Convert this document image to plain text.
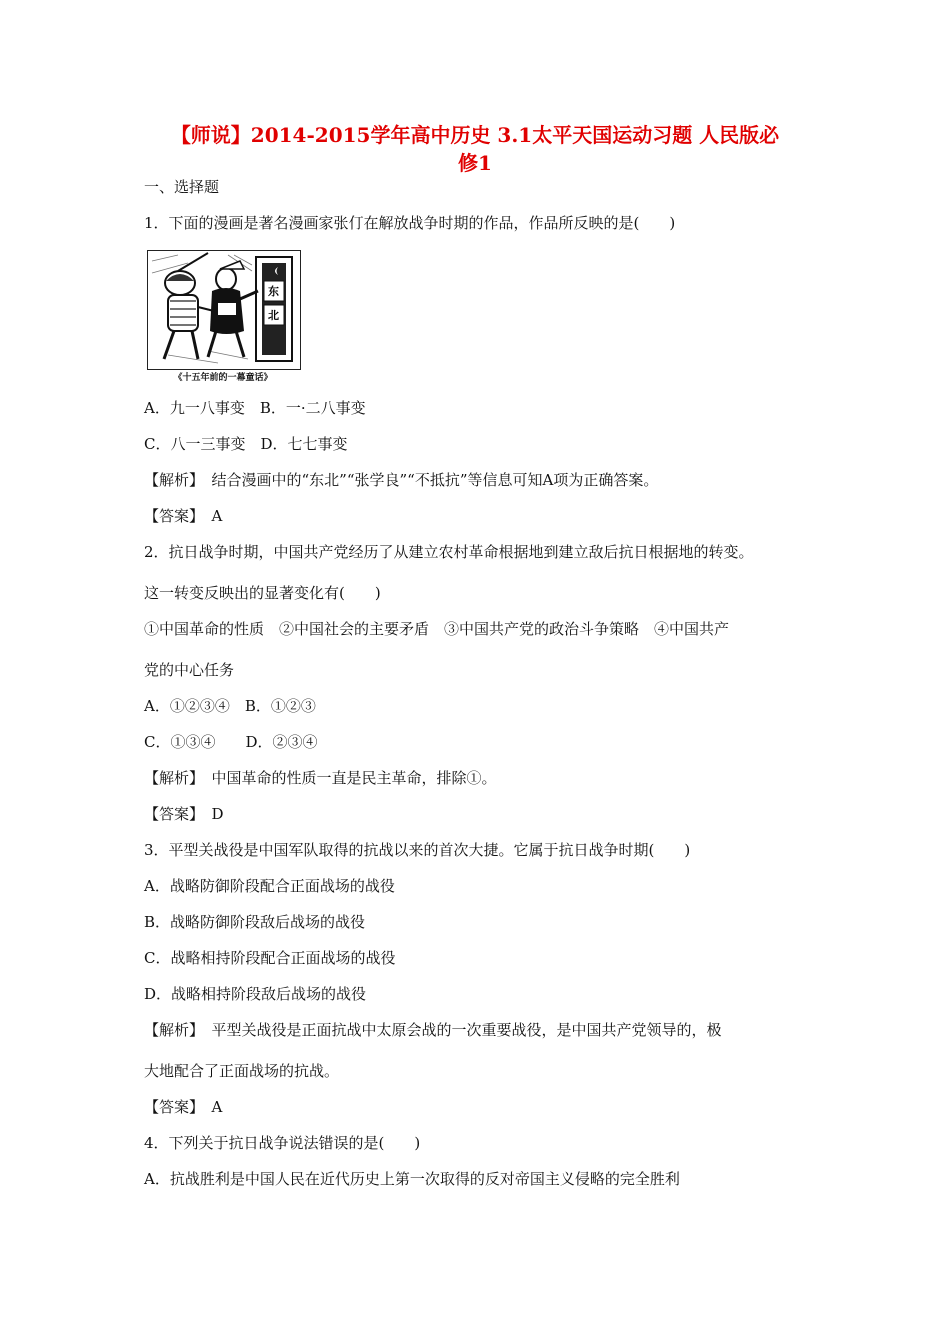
【师说】2014-2015学年高中历史 3.1太平天国运动习题 人民版必
修1
一、选择题
1．下面的漫画是著名漫画家张仃在解放战争时期的作品，作品所反映的是(　　)
东
北
《十五年前的一幕童话》
A．九一八事变　B．一·二八事变
C．八一三事变　D．七七事变
【解析】　结合漫画中的“东北”“张学良”“不抵抗”等信息可知A项为正确答案。
【答案】　A
2．抗日战争时期，中国共产党经历了从建立农村革命根据地到建立敌后抗日根据地的转变。
这一转变反映出的显著变化有(　　)
①中国革命的性质　②中国社会的主要矛盾　③中国共产党的政治斗争策略　④中国共产
党的中心任务
A．①②③④　B．①②③
C．①③④　　D．②③④
【解析】　中国革命的性质一直是民主革命，排除①。
【答案】　D
3．平型关战役是中国军队取得的抗战以来的首次大捷。它属于抗日战争时期(　　)
A．战略防御阶段配合正面战场的战役
B．战略防御阶段敌后战场的战役
C．战略相持阶段配合正面战场的战役
D．战略相持阶段敌后战场的战役
【解析】　平型关战役是正面抗战中太原会战的一次重要战役，是中国共产党领导的，极
大地配合了正面战场的抗战。
【答案】　A
4．下列关于抗日战争说法错误的是(　　)
A．抗战胜利是中国人民在近代历史上第一次取得的反对帝国主义侵略的完全胜利
